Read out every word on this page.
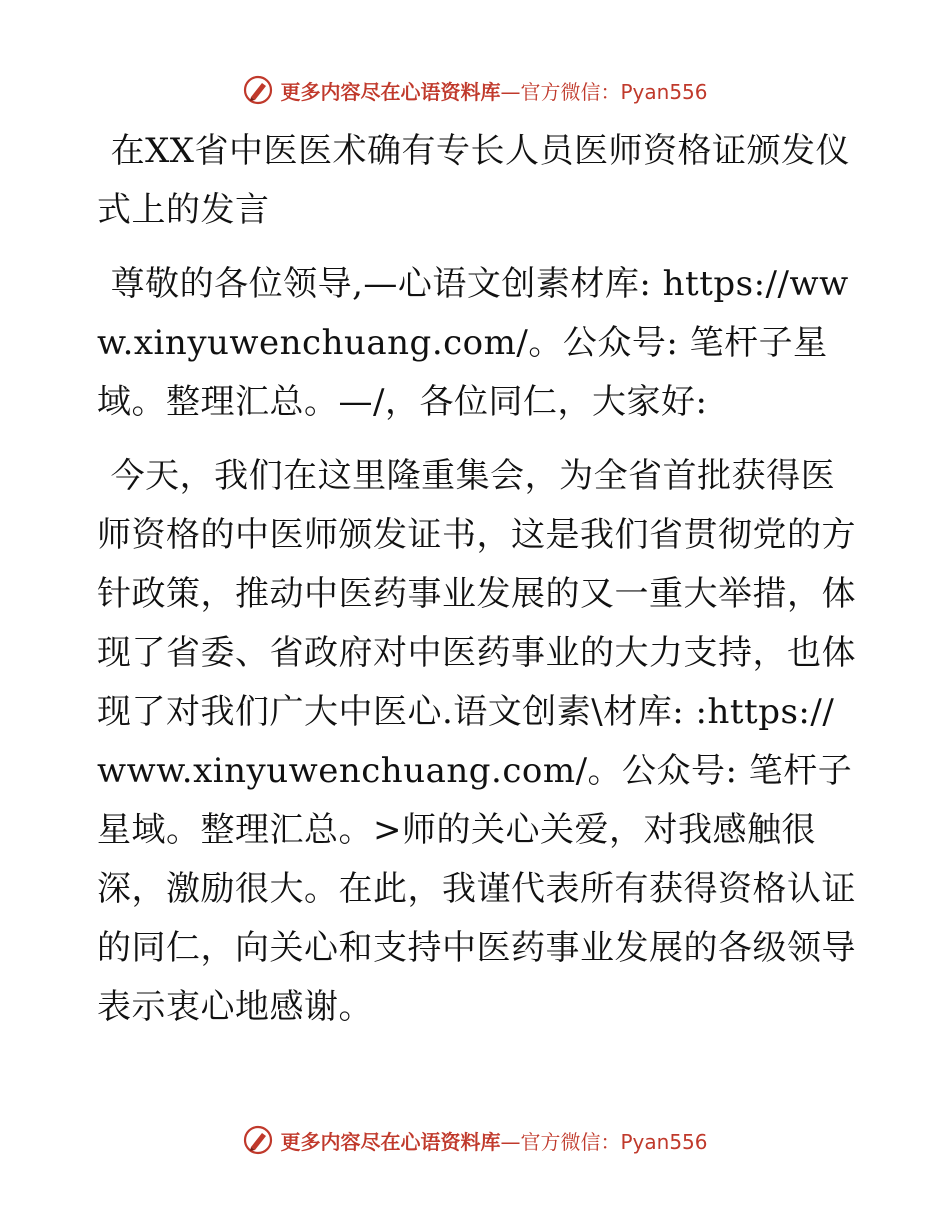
更多内容尽在心语资料库—官方微信：Pyan556

在XX省中医医术确有专长人员医师资格证颁发仪式上的发言

尊敬的各位领导,—心语文创素材库: https://www.xinyuwenchuang.com/。公众号: 笔杆子星域。整理汇总。—/，各位同仁，大家好:

今天，我们在这里隆重集会，为全省首批获得医师资格的中医师颁发证书，这是我们省贯彻党的方针政策，推动中医药事业发展的又一重大举措，体现了省委、省政府对中医药事业的大力支持，也体现了对我们广大中医心.语文创素\材库: :https://www.xinyuwenchuang.com/。公众号: 笔杆子星域。整理汇总。>师的关心关爱，对我感触很深，激励很大。在此，我谨代表所有获得资格认证的同仁，向关心和支持中医药事业发展的各级领导表示衷心地感谢。

更多内容尽在心语资料库—官方微信：Pyan556
